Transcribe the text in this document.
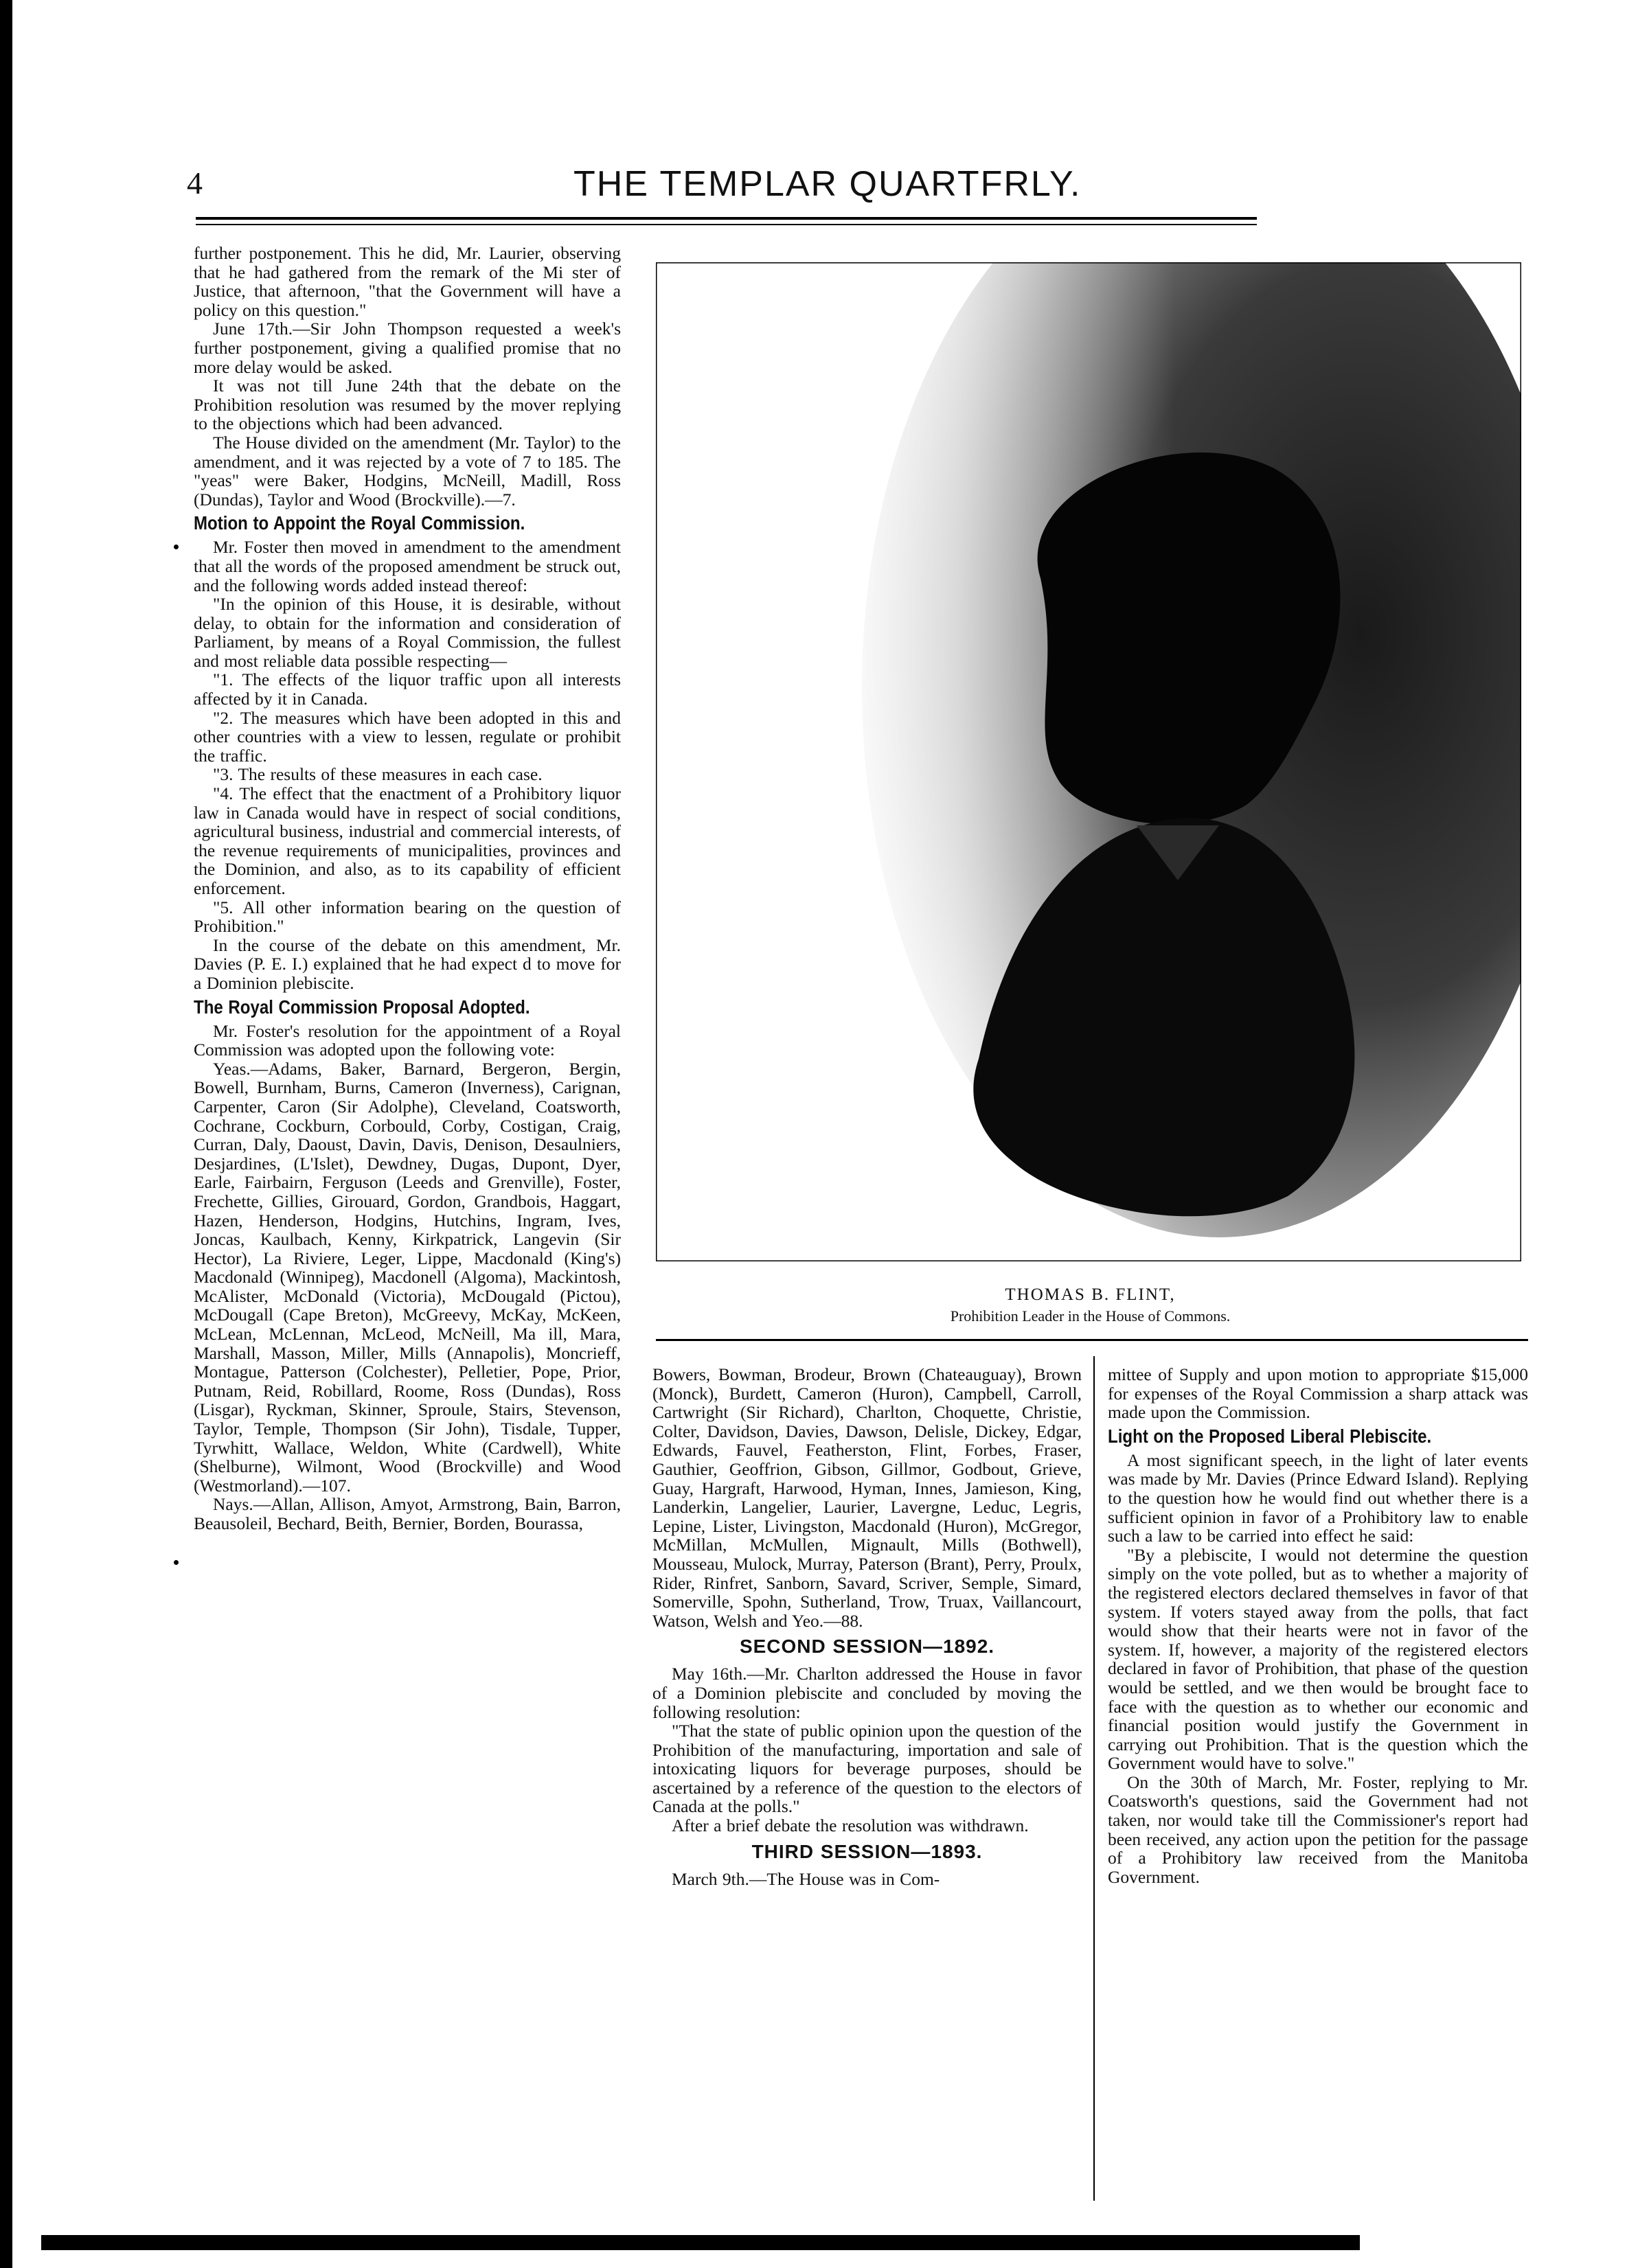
4	THE TEMPLAR QUARTFRLY.

further postponement. This he did, Mr. Laurier, observing that he had gathered from the remark of the Mi ster of Justice, that afternoon, "that the Government will have a policy on this question."

June 17th.—Sir John Thompson requested a week's further postponement, giving a qualified promise that no more delay would be asked.

It was not till June 24th that the debate on the Prohibition resolution was resumed by the mover replying to the objections which had been advanced.

The House divided on the amendment (Mr. Taylor) to the amendment, and it was rejected by a vote of 7 to 185. The "yeas" were Baker, Hodgins, McNeill, Madill, Ross (Dundas), Taylor and Wood (Brockville).—7.

Motion to Appoint the Royal Commission.

Mr. Foster then moved in amendment to the amendment that all the words of the proposed amendment be struck out, and the following words added instead thereof:

"In the opinion of this House, it is desirable, without delay, to obtain for the information and consideration of Parliament, by means of a Royal Commission, the fullest and most reliable data possible respecting—

"1. The effects of the liquor traffic upon all interests affected by it in Canada.

"2. The measures which have been adopted in this and other countries with a view to lessen, regulate or prohibit the traffic.

"3. The results of these measures in each case.

"4. The effect that the enactment of a Prohibitory liquor law in Canada would have in respect of social conditions, agricultural business, industrial and commercial interests, of the revenue requirements of municipalities, provinces and the Dominion, and also, as to its capability of efficient enforcement.

"5. All other information bearing on the question of Prohibition."

In the course of the debate on this amendment, Mr. Davies (P. E. I.) explained that he had expect d to move for a Dominion plebiscite.

The Royal Commission Proposal Adopted.

Mr. Foster's resolution for the appointment of a Royal Commission was adopted upon the following vote:

Yeas.—Adams, Baker, Barnard, Bergeron, Bergin, Bowell, Burnham, Burns, Cameron (Inverness), Carignan, Carpenter, Caron (Sir Adolphe), Cleveland, Coatsworth, Cochrane, Cockburn, Corbould, Corby, Costigan, Craig, Curran, Daly, Daoust, Davin, Davis, Denison, Desaulniers, Desjardines, (L'Islet), Dewdney, Dugas, Dupont, Dyer, Earle, Fairbairn, Ferguson (Leeds and Grenville), Foster, Frechette, Gillies, Girouard, Gordon, Grandbois, Haggart, Hazen, Henderson, Hodgins, Hutchins, Ingram, Ives, Joncas, Kaulbach, Kenny, Kirkpatrick, Langevin (Sir Hector), La Riviere, Leger, Lippe, Macdonald (King's) Macdonald (Winnipeg), Macdonell (Algoma), Mackintosh, McAlister, McDonald (Victoria), McDougald (Pictou), McDougall (Cape Breton), McGreevy, McKay, McKeen, McLean, McLennan, McLeod, McNeill, Ma ill, Mara, Marshall, Masson, Miller, Mills (Annapolis), Moncrieff, Montague, Patterson (Colchester), Pelletier, Pope, Prior, Putnam, Reid, Robillard, Roome, Ross (Dundas), Ross (Lisgar), Ryckman, Skinner, Sproule, Stairs, Stevenson, Taylor, Temple, Thompson (Sir John), Tisdale, Tupper, Tyrwhitt, Wallace, Weldon, White (Cardwell), White (Shelburne), Wilmont, Wood (Brockville) and Wood (Westmorland).—107.

Nays.—Allan, Allison, Amyot, Armstrong, Bain, Barron, Beausoleil, Bechard, Beith, Bernier, Borden, Bourassa,

THOMAS B. FLINT,
Prohibition Leader in the House of Commons.

Bowers, Bowman, Brodeur, Brown (Chateauguay), Brown (Monck), Burdett, Cameron (Huron), Campbell, Carroll, Cartwright (Sir Richard), Charlton, Choquette, Christie, Colter, Davidson, Davies, Dawson, Delisle, Dickey, Edgar, Edwards, Fauvel, Featherston, Flint, Forbes, Fraser, Gauthier, Geoffrion, Gibson, Gillmor, Godbout, Grieve, Guay, Hargraft, Harwood, Hyman, Innes, Jamieson, King, Landerkin, Langelier, Laurier, Lavergne, Leduc, Legris, Lepine, Lister, Livingston, Macdonald (Huron), McGregor, McMillan, McMullen, Mignault, Mills (Bothwell), Mousseau, Mulock, Murray, Paterson (Brant), Perry, Proulx, Rider, Rinfret, Sanborn, Savard, Scriver, Semple, Simard, Somerville, Spohn, Sutherland, Trow, Truax, Vaillancourt, Watson, Welsh and Yeo.—88.

SECOND SESSION—1892.

May 16th.—Mr. Charlton addressed the House in favor of a Dominion plebiscite and concluded by moving the following resolution:

"That the state of public opinion upon the question of the Prohibition of the manufacturing, importation and sale of intoxicating liquors for beverage purposes, should be ascertained by a reference of the question to the electors of Canada at the polls."

After a brief debate the resolution was withdrawn.

THIRD SESSION—1893.

March 9th.—The House was in Com-

mittee of Supply and upon motion to appropriate $15,000 for expenses of the Royal Commission a sharp attack was made upon the Commission.

Light on the Proposed Liberal Plebiscite.

A most significant speech, in the light of later events was made by Mr. Davies (Prince Edward Island). Replying to the question how he would find out whether there is a sufficient opinion in favor of a Prohibitory law to enable such a law to be carried into effect he said:

"By a plebiscite, I would not determine the question simply on the vote polled, but as to whether a majority of the registered electors declared themselves in favor of that system. If voters stayed away from the polls, that fact would show that their hearts were not in favor of the system. If, however, a majority of the registered electors declared in favor of Prohibition, that phase of the question would be settled, and we then would be brought face to face with the question as to whether our economic and financial position would justify the Government in carrying out Prohibition. That is the question which the Government would have to solve."

On the 30th of March, Mr. Foster, replying to Mr. Coatsworth's questions, said the Government had not taken, nor would take till the Commissioner's report had been received, any action upon the petition for the passage of a Prohibitory law received from the Manitoba Government.
